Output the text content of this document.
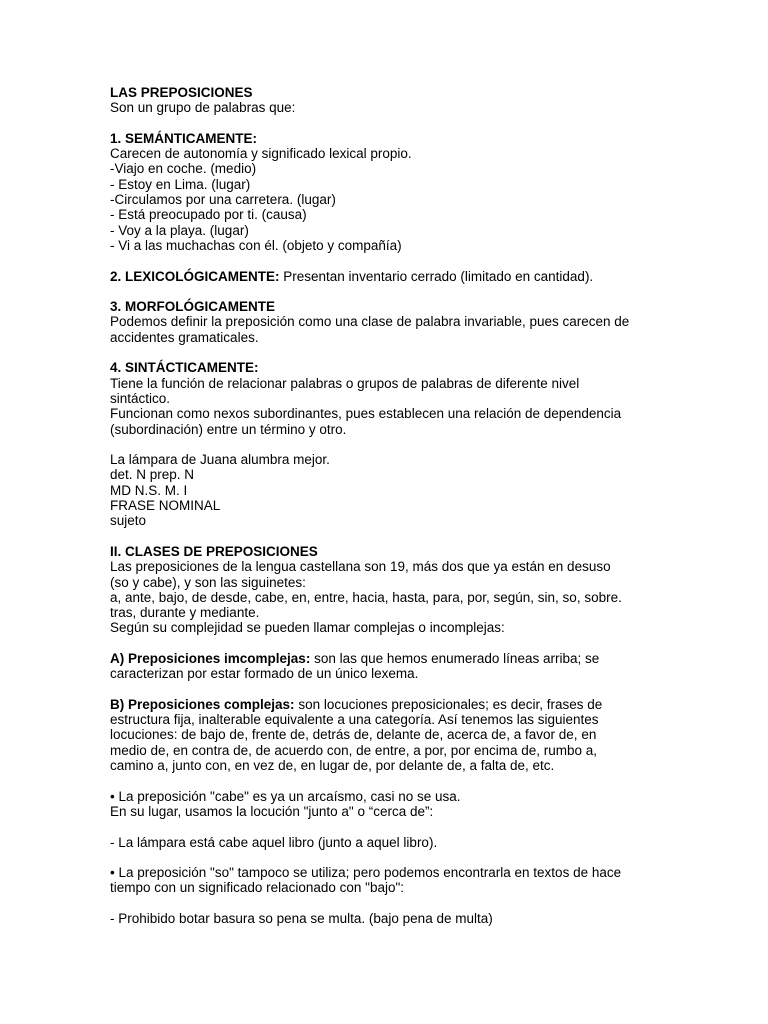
LAS PREPOSICIONES
Son un grupo de palabras que:
1. SEMÁNTICAMENTE:
Carecen de autonomía y significado lexical propio.
-Viajo en coche. (medio)
- Estoy en Lima. (lugar)
-Circulamos por una carretera. (lugar)
- Está preocupado por ti. (causa)
- Voy a la playa. (lugar)
- Vi a las muchachas con él. (objeto y compañía)
2. LEXICOLÓGICAMENTE: Presentan inventario cerrado (limitado en cantidad).
3. MORFOLÓGICAMENTE
Podemos definir la preposición como una clase de palabra invariable, pues carecen de
accidentes gramaticales.
4. SINTÁCTICAMENTE:
Tiene la función de relacionar palabras o grupos de palabras de diferente nivel
sintáctico.
Funcionan como nexos subordinantes, pues establecen una relación de dependencia
(subordinación) entre un término y otro.
La lámpara de Juana alumbra mejor.
det. N prep. N
MD N.S. M. I
FRASE NOMINAL
sujeto
II. CLASES DE PREPOSICIONES
Las preposiciones de la lengua castellana son 19, más dos que ya están en desuso
(so y cabe), y son las siguinetes:
a, ante, bajo, de desde, cabe, en, entre, hacia, hasta, para, por, según, sin, so, sobre.
tras, durante y mediante.
Según su complejidad se pueden llamar complejas o incomplejas:
A) Preposiciones imcomplejas: son las que hemos enumerado líneas arriba; se
caracterizan por estar formado de un único lexema.
B) Preposiciones complejas: son locuciones preposicionales; es decir, frases de
estructura fija, inalterable equivalente a una categoría. Así tenemos las siguientes
locuciones: de bajo de, frente de, detrás de, delante de, acerca de, a favor de, en
medio de, en contra de, de acuerdo con, de entre, a por, por encima de, rumbo a,
camino a, junto con, en vez de, en lugar de, por delante de, a falta de, etc.
• La preposición "cabe" es ya un arcaísmo, casi no se usa.
En su lugar, usamos la locución "junto a" o “cerca de”:
- La lámpara está cabe aquel libro (junto a aquel libro).
• La preposición "so" tampoco se utiliza; pero podemos encontrarla en textos de hace
tiempo con un significado relacionado con "bajo":
- Prohibido botar basura so pena se multa. (bajo pena de multa)
